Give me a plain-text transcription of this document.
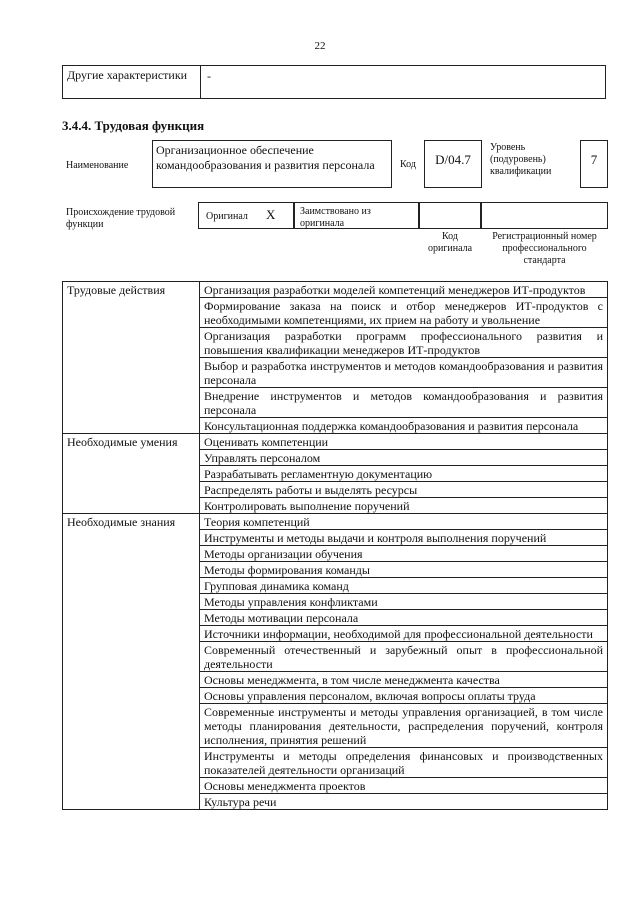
22
Другие характеристики	-
3.4.4. Трудовая функция
Наименование
Организационное обеспечение командообразования и развития персонала	Код	D/04.7
Уровень (подуровень) квалификации
7
Происхождение трудовой функции
Оригинал X Заимствовано из оригинала
Код оригинала
Регистрационный номер профессионального стандарта
Трудовые действия	Организация разработки моделей компетенций менеджеров ИТ-продуктов
	Формирование заказа на поиск и отбор менеджеров ИТ-продуктов с необходимыми компетенциями, их прием на работу и увольнение
	Организация разработки программ профессионального развития и повышения квалификации менеджеров ИТ-продуктов
	Выбор и разработка инструментов и методов командообразования и развития персонала
	Внедрение инструментов и методов командообразования и развития персонала
	Консультационная поддержка командообразования и развития персонала
Необходимые умения	Оценивать компетенции
	Управлять персоналом
	Разрабатывать регламентную документацию
	Распределять работы и выделять ресурсы
	Контролировать выполнение поручений
Необходимые знания	Теория компетенций
	Инструменты и методы выдачи и контроля выполнения поручений
	Методы организации обучения
	Методы формирования команды
	Групповая динамика команд
	Методы управления конфликтами
	Методы мотивации персонала
	Источники информации, необходимой для профессиональной деятельности
	Современный отечественный и зарубежный опыт в профессиональной деятельности
	Основы менеджмента, в том числе менеджмента качества
	Основы управления персоналом, включая вопросы оплаты труда
	Современные инструменты и методы управления организацией, в том числе методы планирования деятельности, распределения поручений, контроля исполнения, принятия решений
	Инструменты и методы определения финансовых и производственных показателей деятельности организаций
	Основы менеджмента проектов
	Культура речи
